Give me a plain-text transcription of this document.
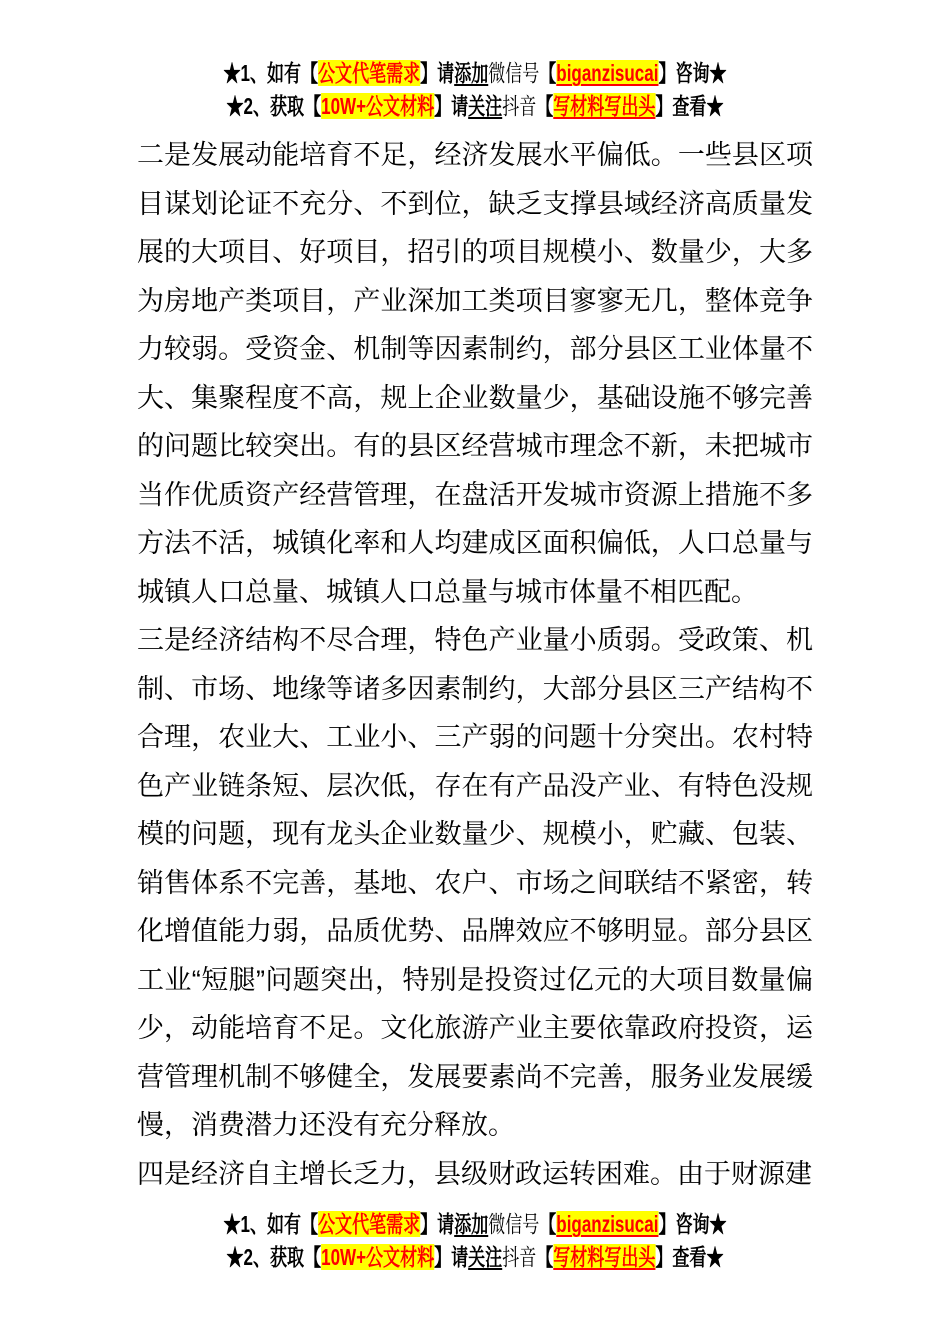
★1、如有【公文代笔需求】请添加微信号【biganzisucai】咨询★
★2、获取【10W+公文材料】请关注抖音【写材料写出头】查看★

二是发展动能培育不足，经济发展水平偏低。一些县区项目谋划论证不充分、不到位，缺乏支撑县域经济高质量发展的大项目、好项目，招引的项目规模小、数量少，大多为房地产类项目，产业深加工类项目寥寥无几，整体竞争力较弱。受资金、机制等因素制约，部分县区工业体量不大、集聚程度不高，规上企业数量少，基础设施不够完善的问题比较突出。有的县区经营城市理念不新，未把城市当作优质资产经营管理，在盘活开发城市资源上措施不多方法不活，城镇化率和人均建成区面积偏低，人口总量与城镇人口总量、城镇人口总量与城市体量不相匹配。

三是经济结构不尽合理，特色产业量小质弱。受政策、机制、市场、地缘等诸多因素制约，大部分县区三产结构不合理，农业大、工业小、三产弱的问题十分突出。农村特色产业链条短、层次低，存在有产品没产业、有特色没规模的问题，现有龙头企业数量少、规模小，贮藏、包装、销售体系不完善，基地、农户、市场之间联结不紧密，转化增值能力弱，品质优势、品牌效应不够明显。部分县区工业“短腿”问题突出，特别是投资过亿元的大项目数量偏少，动能培育不足。文化旅游产业主要依靠政府投资，运营管理机制不够健全，发展要素尚不完善，服务业发展缓慢，消费潜力还没有充分释放。

四是经济自主增长乏力，县级财政运转困难。由于财源建

★1、如有【公文代笔需求】请添加微信号【biganzisucai】咨询★
★2、获取【10W+公文材料】请关注抖音【写材料写出头】查看★
